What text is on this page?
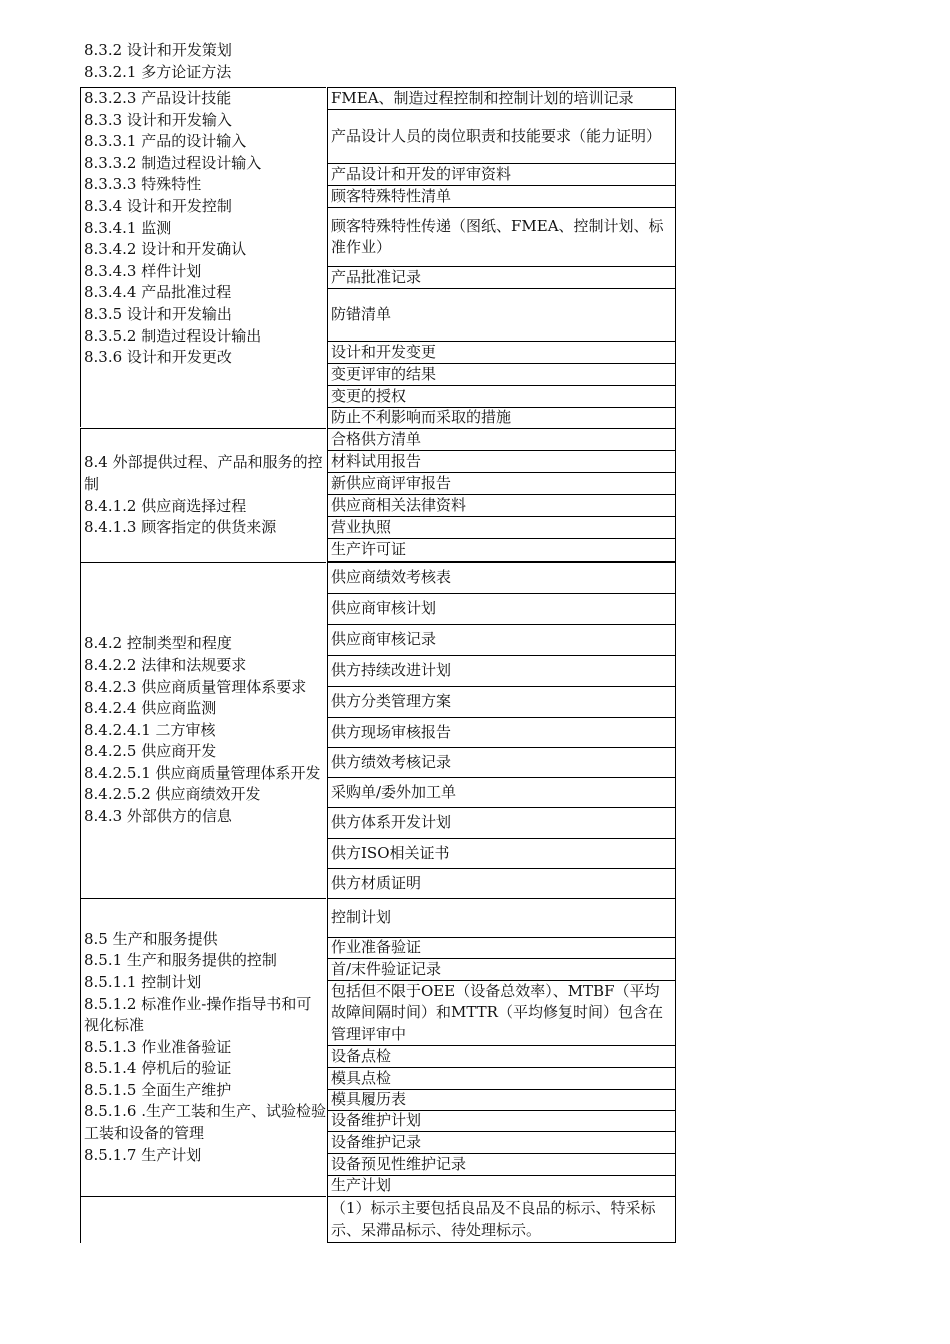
8.3.2 设计和开发策划
8.3.2.1 多方论证方法
8.3.2.3 产品设计技能
8.3.3 设计和开发输入
8.3.3.1 产品的设计输入
8.3.3.2 制造过程设计输入
8.3.3.3 特殊特性
8.3.4 设计和开发控制
8.3.4.1 监测
8.3.4.2 设计和开发确认
8.3.4.3 样件计划
8.3.4.4 产品批准过程
8.3.5 设计和开发输出
8.3.5.2 制造过程设计输出
8.3.6 设计和开发更改
FMEA、制造过程控制和控制计划的培训记录
产品设计人员的岗位职责和技能要求（能力证明）
产品设计和开发的评审资料
顾客特殊特性清单
顾客特殊特性传递（图纸、FMEA、控制计划、标准作业）
产品批准记录
防错清单
设计和开发变更
变更评审的结果
变更的授权
防止不利影响而采取的措施
8.4 外部提供过程、产品和服务的控制
8.4.1.2 供应商选择过程
8.4.1.3 顾客指定的供货来源
合格供方清单
材料试用报告
新供应商评审报告
供应商相关法律资料
营业执照
生产许可证
8.4.2 控制类型和程度
8.4.2.2 法律和法规要求
8.4.2.3 供应商质量管理体系要求
8.4.2.4 供应商监测
8.4.2.4.1 二方审核
8.4.2.5 供应商开发
8.4.2.5.1 供应商质量管理体系开发
8.4.2.5.2 供应商绩效开发
8.4.3 外部供方的信息
供应商绩效考核表
供应商审核计划
供应商审核记录
供方持续改进计划
供方分类管理方案
供方现场审核报告
供方绩效考核记录
采购单/委外加工单
供方体系开发计划
供方ISO相关证书
供方材质证明
8.5 生产和服务提供
8.5.1 生产和服务提供的控制
8.5.1.1 控制计划
8.5.1.2 标准作业-操作指导书和可视化标准
8.5.1.3 作业准备验证
8.5.1.4 停机后的验证
8.5.1.5 全面生产维护
8.5.1.6 .生产工装和生产、试验检验工装和设备的管理
8.5.1.7 生产计划
控制计划
作业准备验证
首/末件验证记录
包括但不限于OEE（设备总效率）、MTBF（平均故障间隔时间）和MTTR（平均修复时间）包含在管理评审中
设备点检
模具点检
模具履历表
设备维护计划
设备维护记录
设备预见性维护记录
生产计划
（1）标示主要包括良品及不良品的标示、特采标示、呆滞品标示、待处理标示。
